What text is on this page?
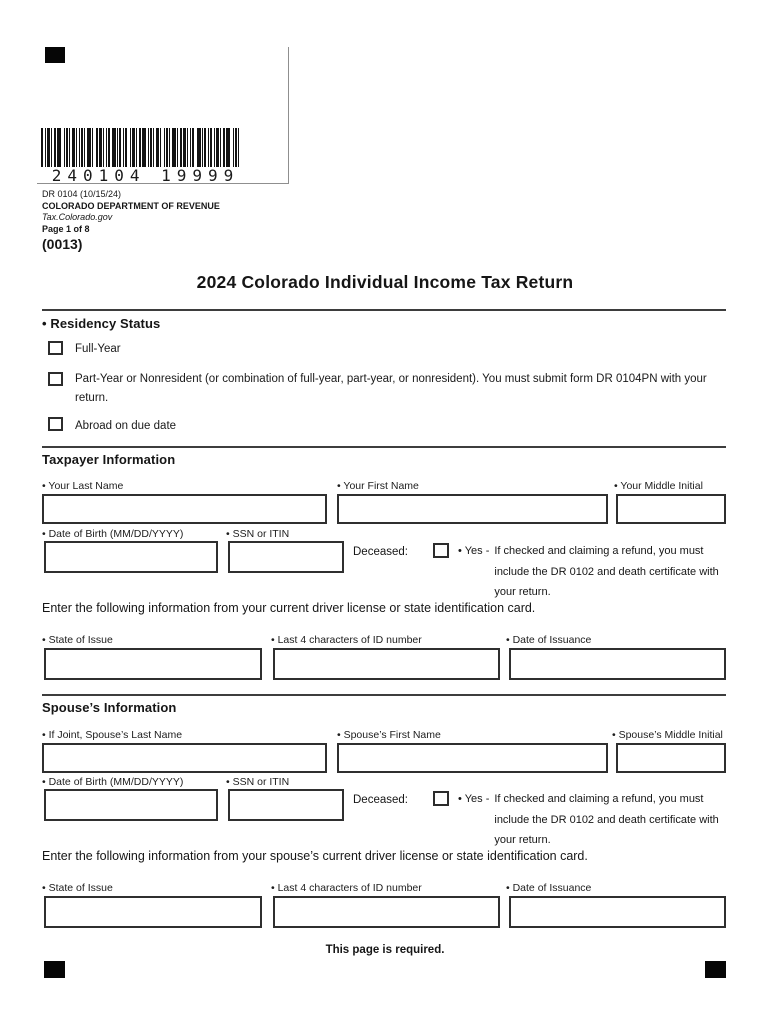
240104 19999
DR 0104 (10/15/24)
COLORADO DEPARTMENT OF REVENUE
Tax.Colorado.gov
Page 1 of 8
(0013)
2024 Colorado Individual Income Tax Return
• Residency Status
Full-Year
Part-Year or Nonresident (or combination of full-year, part-year, or nonresident). You must submit form DR 0104PN with your return.
Abroad on due date
Taxpayer Information
• Your Last Name	• Your First Name	• Your Middle Initial
• Date of Birth (MM/DD/YYYY)	• SSN or ITIN
Deceased:	• Yes - If checked and claiming a refund, you must include the DR 0102 and death certificate with your return.
Enter the following information from your current driver license or state identification card.
• State of Issue	• Last 4 characters of ID number	• Date of Issuance
Spouse’s Information
• If Joint, Spouse’s Last Name	• Spouse’s First Name	• Spouse’s Middle Initial
• Date of Birth (MM/DD/YYYY)	• SSN or ITIN
Deceased:	• Yes - If checked and claiming a refund, you must include the DR 0102 and death certificate with your return.
Enter the following information from your spouse’s current driver license or state identification card.
• State of Issue	• Last 4 characters of ID number	• Date of Issuance
This page is required.
